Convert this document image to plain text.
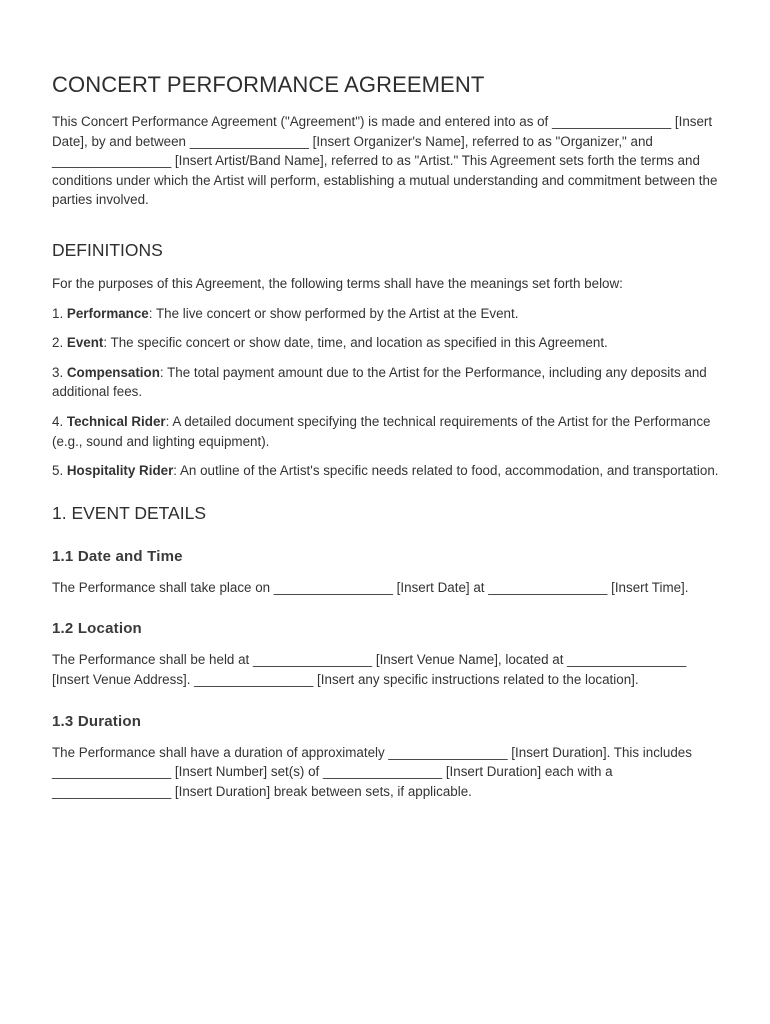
CONCERT PERFORMANCE AGREEMENT

This Concert Performance Agreement ("Agreement") is made and entered into as of ________________ [Insert Date], by and between ________________ [Insert Organizer's Name], referred to as "Organizer," and ________________ [Insert Artist/Band Name], referred to as "Artist." This Agreement sets forth the terms and conditions under which the Artist will perform, establishing a mutual understanding and commitment between the parties involved.

DEFINITIONS

For the purposes of this Agreement, the following terms shall have the meanings set forth below:

1. Performance: The live concert or show performed by the Artist at the Event.

2. Event: The specific concert or show date, time, and location as specified in this Agreement.

3. Compensation: The total payment amount due to the Artist for the Performance, including any deposits and additional fees.

4. Technical Rider: A detailed document specifying the technical requirements of the Artist for the Performance (e.g., sound and lighting equipment).

5. Hospitality Rider: An outline of the Artist's specific needs related to food, accommodation, and transportation.

1. EVENT DETAILS
1.1 Date and Time

The Performance shall take place on ________________ [Insert Date] at ________________ [Insert Time].

1.2 Location

The Performance shall be held at ________________ [Insert Venue Name], located at ________________ [Insert Venue Address]. ________________ [Insert any specific instructions related to the location].

1.3 Duration

The Performance shall have a duration of approximately ________________ [Insert Duration]. This includes ________________ [Insert Number] set(s) of ________________ [Insert Duration] each with a ________________ [Insert Duration] break between sets, if applicable.
